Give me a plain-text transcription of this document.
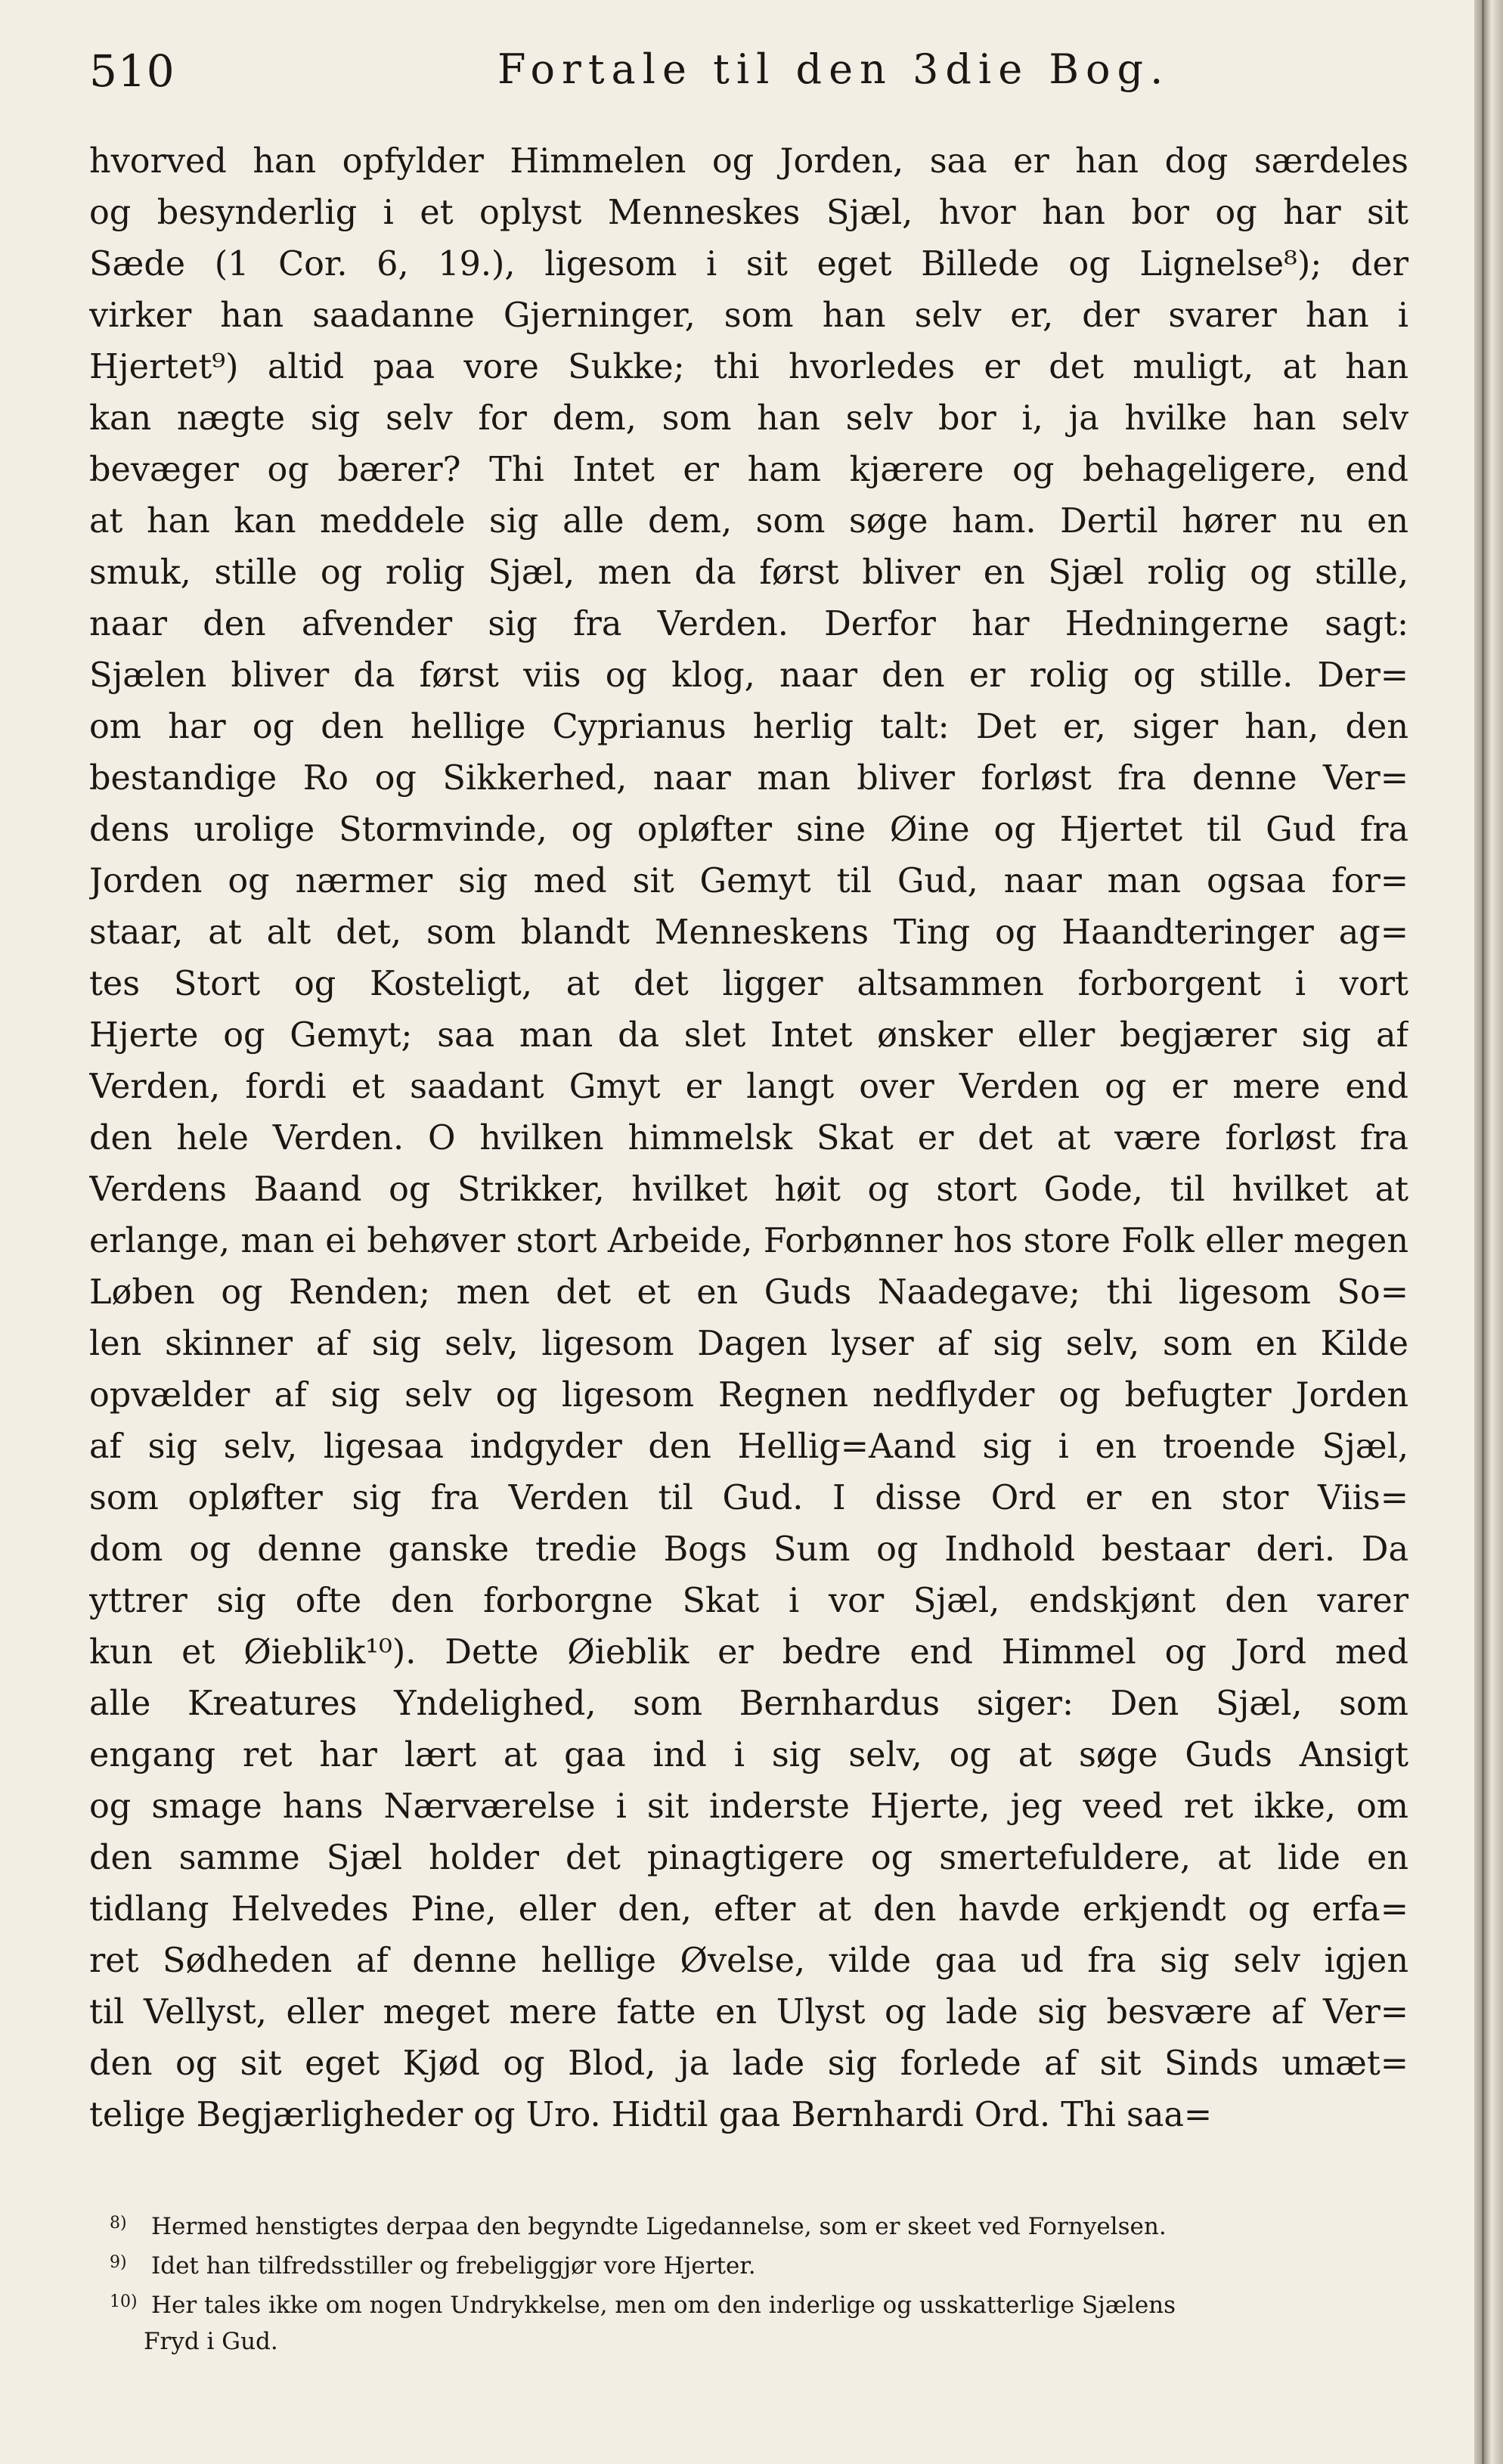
510	Fortale til den 3die Bog.
hvorved han opfylder Himmelen og Jorden, saa er han dog særdeles
og besynderlig i et oplyst Menneskes Sjæl, hvor han bor og har sit
Sæde (1 Cor. 6, 19.), ligesom i sit eget Billede og Lignelse⁸); der
virker han saadanne Gjerninger, som han selv er, der svarer han i
Hjertet⁹) altid paa vore Sukke; thi hvorledes er det muligt, at han
kan nægte sig selv for dem, som han selv bor i, ja hvilke han selv
bevæger og bærer? Thi Intet er ham kjærere og behageligere, end
at han kan meddele sig alle dem, som søge ham. Dertil hører nu en
smuk, stille og rolig Sjæl, men da først bliver en Sjæl rolig og stille,
naar den afvender sig fra Verden. Derfor har Hedningerne sagt:
Sjælen bliver da først viis og klog, naar den er rolig og stille. Der=
om har og den hellige Cyprianus herlig talt: Det er, siger han, den
bestandige Ro og Sikkerhed, naar man bliver forløst fra denne Ver=
dens urolige Stormvinde, og opløfter sine Øine og Hjertet til Gud fra
Jorden og nærmer sig med sit Gemyt til Gud, naar man ogsaa for=
staar, at alt det, som blandt Menneskens Ting og Haandteringer ag=
tes Stort og Kosteligt, at det ligger altsammen forborgent i vort
Hjerte og Gemyt; saa man da slet Intet ønsker eller begjærer sig af
Verden, fordi et saadant Gmyt er langt over Verden og er mere end
den hele Verden. O hvilken himmelsk Skat er det at være forløst fra
Verdens Baand og Strikker, hvilket høit og stort Gode, til hvilket at
erlange, man ei behøver stort Arbeide, Forbønner hos store Folk eller megen
Løben og Renden; men det et en Guds Naadegave; thi ligesom So=
len skinner af sig selv, ligesom Dagen lyser af sig selv, som en Kilde
opvælder af sig selv og ligesom Regnen nedflyder og befugter Jorden
af sig selv, ligesaa indgyder den Hellig=Aand sig i en troende Sjæl,
som opløfter sig fra Verden til Gud. I disse Ord er en stor Viis=
dom og denne ganske tredie Bogs Sum og Indhold bestaar deri. Da
yttrer sig ofte den forborgne Skat i vor Sjæl, endskjønt den varer
kun et Øieblik¹⁰). Dette Øieblik er bedre end Himmel og Jord med
alle Kreatures Yndelighed, som Bernhardus siger: Den Sjæl, som
engang ret har lært at gaa ind i sig selv, og at søge Guds Ansigt
og smage hans Nærværelse i sit inderste Hjerte, jeg veed ret ikke, om
den samme Sjæl holder det pinagtigere og smertefuldere, at lide en
tidlang Helvedes Pine, eller den, efter at den havde erkjendt og erfa=
ret Sødheden af denne hellige Øvelse, vilde gaa ud fra sig selv igjen
til Vellyst, eller meget mere fatte en Ulyst og lade sig besvære af Ver=
den og sit eget Kjød og Blod, ja lade sig forlede af sit Sinds umæt=
telige Begjærligheder og Uro. Hidtil gaa Bernhardi Ord. Thi saa=
8) Hermed henstigtes derpaa den begyndte Ligedannelse, som er skeet ved Fornyelsen.
9) Idet han tilfredsstiller og frebeliggjør vore Hjerter.
10) Her tales ikke om nogen Undrykkelse, men om den inderlige og usskatterlige Sjælens
Fryd i Gud.
